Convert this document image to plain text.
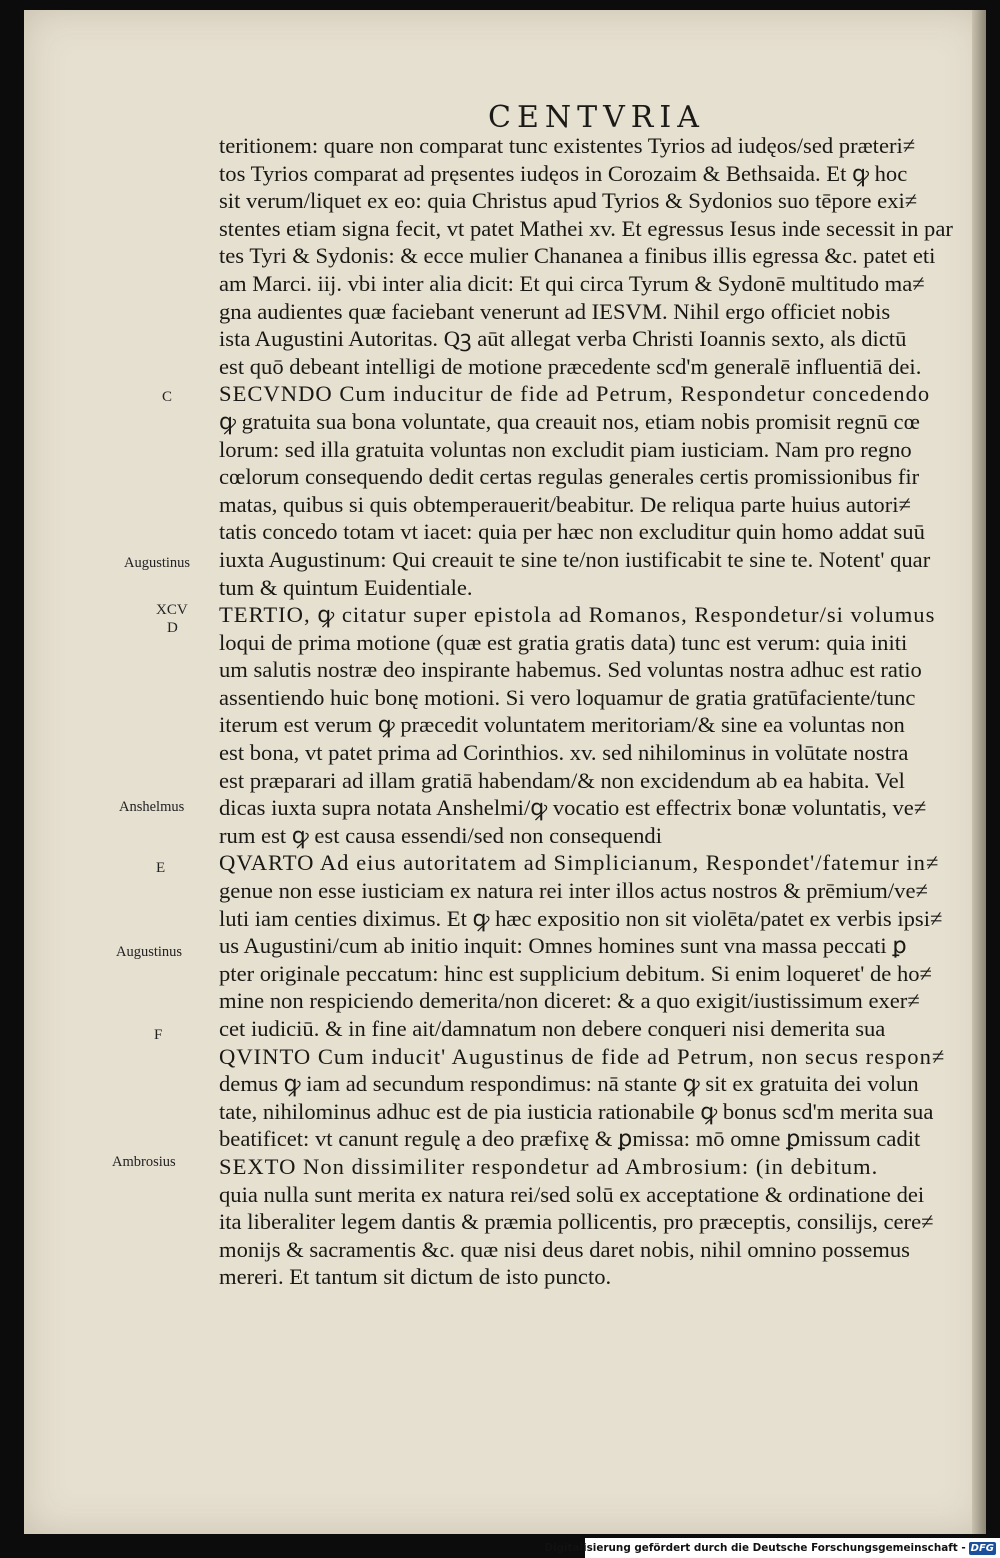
CENTVRIA
teritionem: quare non comparat tunc existentes Tyrios ad iudęos/sed præteri≠
tos Tyrios comparat ad pręsentes iudęos in Corozaim & Bethsaida. Et ꝙ hoc
sit verum/liquet ex eo: quia Christus apud Tyrios & Sydonios suo tēpore exi≠
stentes etiam signa fecit, vt patet Mathei xv. Et egressus Iesus inde secessit in par
tes Tyri & Sydonis: & ecce mulier Chananea a finibus illis egressa &c. patet eti
am Marci. iij. vbi inter alia dicit: Et qui circa Tyrum & Sydonē multitudo ma≠
gna audientes quæ faciebant venerunt ad IESVM. Nihil ergo officiet nobis
ista Augustini Autoritas. Qꝫ aūt allegat verba Christi Ioannis sexto, als dictū
est quō debeant intelligi de motione præcedente scd'm generalē influentiā dei.
SECVNDO Cum inducitur de fide ad Petrum, Respondetur concedendo
ꝙ gratuita sua bona voluntate, qua creauit nos, etiam nobis promisit regnū cœ
lorum: sed illa gratuita voluntas non excludit piam iusticiam. Nam pro regno
cœlorum consequendo dedit certas regulas generales certis promissionibus fir
matas, quibus si quis obtemperauerit/beabitur. De reliqua parte huius autori≠
tatis concedo totam vt iacet: quia per hæc non excluditur quin homo addat suū
iuxta Augustinum: Qui creauit te sine te/non iustificabit te sine te. Notent' quar
tum & quintum Euidentiale.
TERTIO, ꝙ citatur super epistola ad Romanos, Respondetur/si volumus
loqui de prima motione (quæ est gratia gratis data) tunc est verum: quia initi
um salutis nostræ deo inspirante habemus. Sed voluntas nostra adhuc est ratio
assentiendo huic bonę motioni. Si vero loquamur de gratia gratūfaciente/tunc
iterum est verum ꝙ præcedit voluntatem meritoriam/& sine ea voluntas non
est bona, vt patet prima ad Corinthios. xv. sed nihilominus in volūtate nostra
est præparari ad illam gratiā habendam/& non excidendum ab ea habita. Vel
dicas iuxta supra notata Anshelmi/ꝙ vocatio est effectrix bonæ voluntatis, ve≠
rum est ꝙ est causa essendi/sed non consequendi
QVARTO Ad eius autoritatem ad Simplicianum, Respondet'/fatemur in≠
genue non esse iusticiam ex natura rei inter illos actus nostros & prēmium/ve≠
luti iam centies diximus. Et ꝙ hæc expositio non sit violēta/patet ex verbis ipsi≠
us Augustini/cum ab initio inquit: Omnes homines sunt vna massa peccati ꝑ
pter originale peccatum: hinc est supplicium debitum. Si enim loqueret' de ho≠
mine non respiciendo demerita/non diceret: & a quo exigit/iustissimum exer≠
cet iudiciū. & in fine ait/damnatum non debere conqueri nisi demerita sua
QVINTO Cum inducit' Augustinus de fide ad Petrum, non secus respon≠
demus ꝙ iam ad secundum respondimus: nā stante ꝙ sit ex gratuita dei volun
tate, nihilominus adhuc est de pia iusticia rationabile ꝙ bonus scd'm merita sua
beatificet: vt canunt regulę a deo præfixę & ꝑmissa: mō omne ꝑmissum cadit
SEXTO Non dissimiliter respondetur ad Ambrosium: (in debitum.
quia nulla sunt merita ex natura rei/sed solū ex acceptatione & ordinatione dei
ita liberaliter legem dantis & præmia pollicentis, pro præceptis, consilijs, cere≠
monijs & sacramentis &c. quæ nisi deus daret nobis, nihil omnino possemus
mereri. Et tantum sit dictum de isto puncto.
C
Augustinus
XCV
D
Anshelmus
E
Augustinus
F
Ambrosius
Digitalisierung gefördert durch die Deutsche Forschungsgemeinschaft - DFG
